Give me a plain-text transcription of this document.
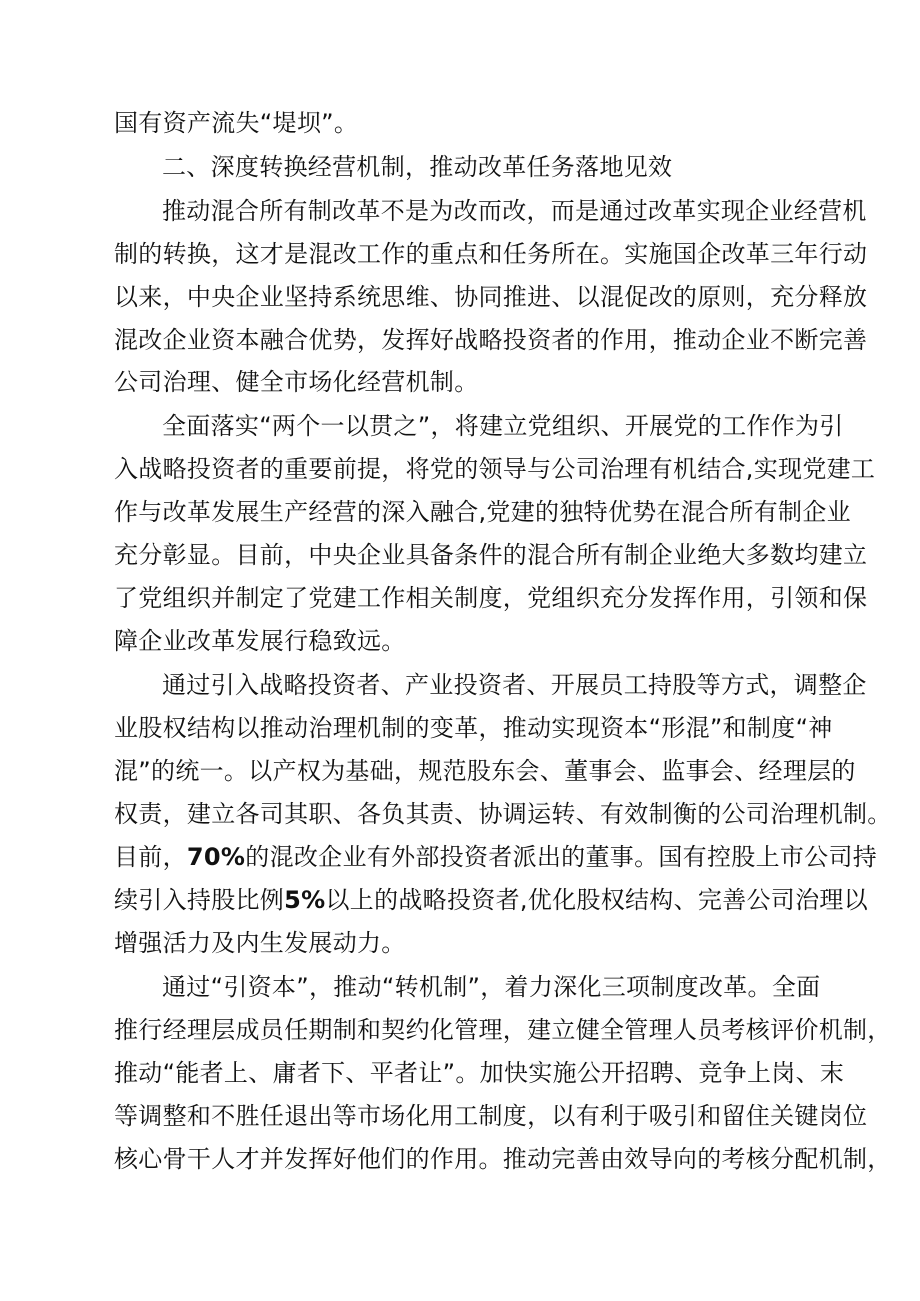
国有资产流失“堤坝”。

二、深度转换经营机制，推动改革任务落地见效

推动混合所有制改革不是为改而改，而是通过改革实现企业经营机

制的转换，这才是混改工作的重点和任务所在。实施国企改革三年行动

以来，中央企业坚持系统思维、协同推进、以混促改的原则，充分释放

混改企业资本融合优势，发挥好战略投资者的作用，推动企业不断完善

公司治理、健全市场化经营机制。

全面落实“两个一以贯之”，将建立党组织、开展党的工作作为引

入战略投资者的重要前提，将党的领导与公司治理有机结合,实现党建工

作与改革发展生产经营的深入融合,党建的独特优势在混合所有制企业

充分彰显。目前，中央企业具备条件的混合所有制企业绝大多数均建立

了党组织并制定了党建工作相关制度，党组织充分发挥作用，引领和保

障企业改革发展行稳致远。

通过引入战略投资者、产业投资者、开展员工持股等方式，调整企

业股权结构以推动治理机制的变革，推动实现资本“形混”和制度“神

混”的统一。以产权为基础，规范股东会、董事会、监事会、经理层的

权责，建立各司其职、各负其责、协调运转、有效制衡的公司治理机制。

目前，70%的混改企业有外部投资者派出的董事。国有控股上市公司持

续引入持股比例5%以上的战略投资者,优化股权结构、完善公司治理以

增强活力及内生发展动力。

通过“引资本”，推动“转机制”，着力深化三项制度改革。全面

推行经理层成员任期制和契约化管理，建立健全管理人员考核评价机制，

推动“能者上、庸者下、平者让”。加快实施公开招聘、竞争上岗、末

等调整和不胜任退出等市场化用工制度，以有利于吸引和留住关键岗位

核心骨干人才并发挥好他们的作用。推动完善由效导向的考核分配机制，
